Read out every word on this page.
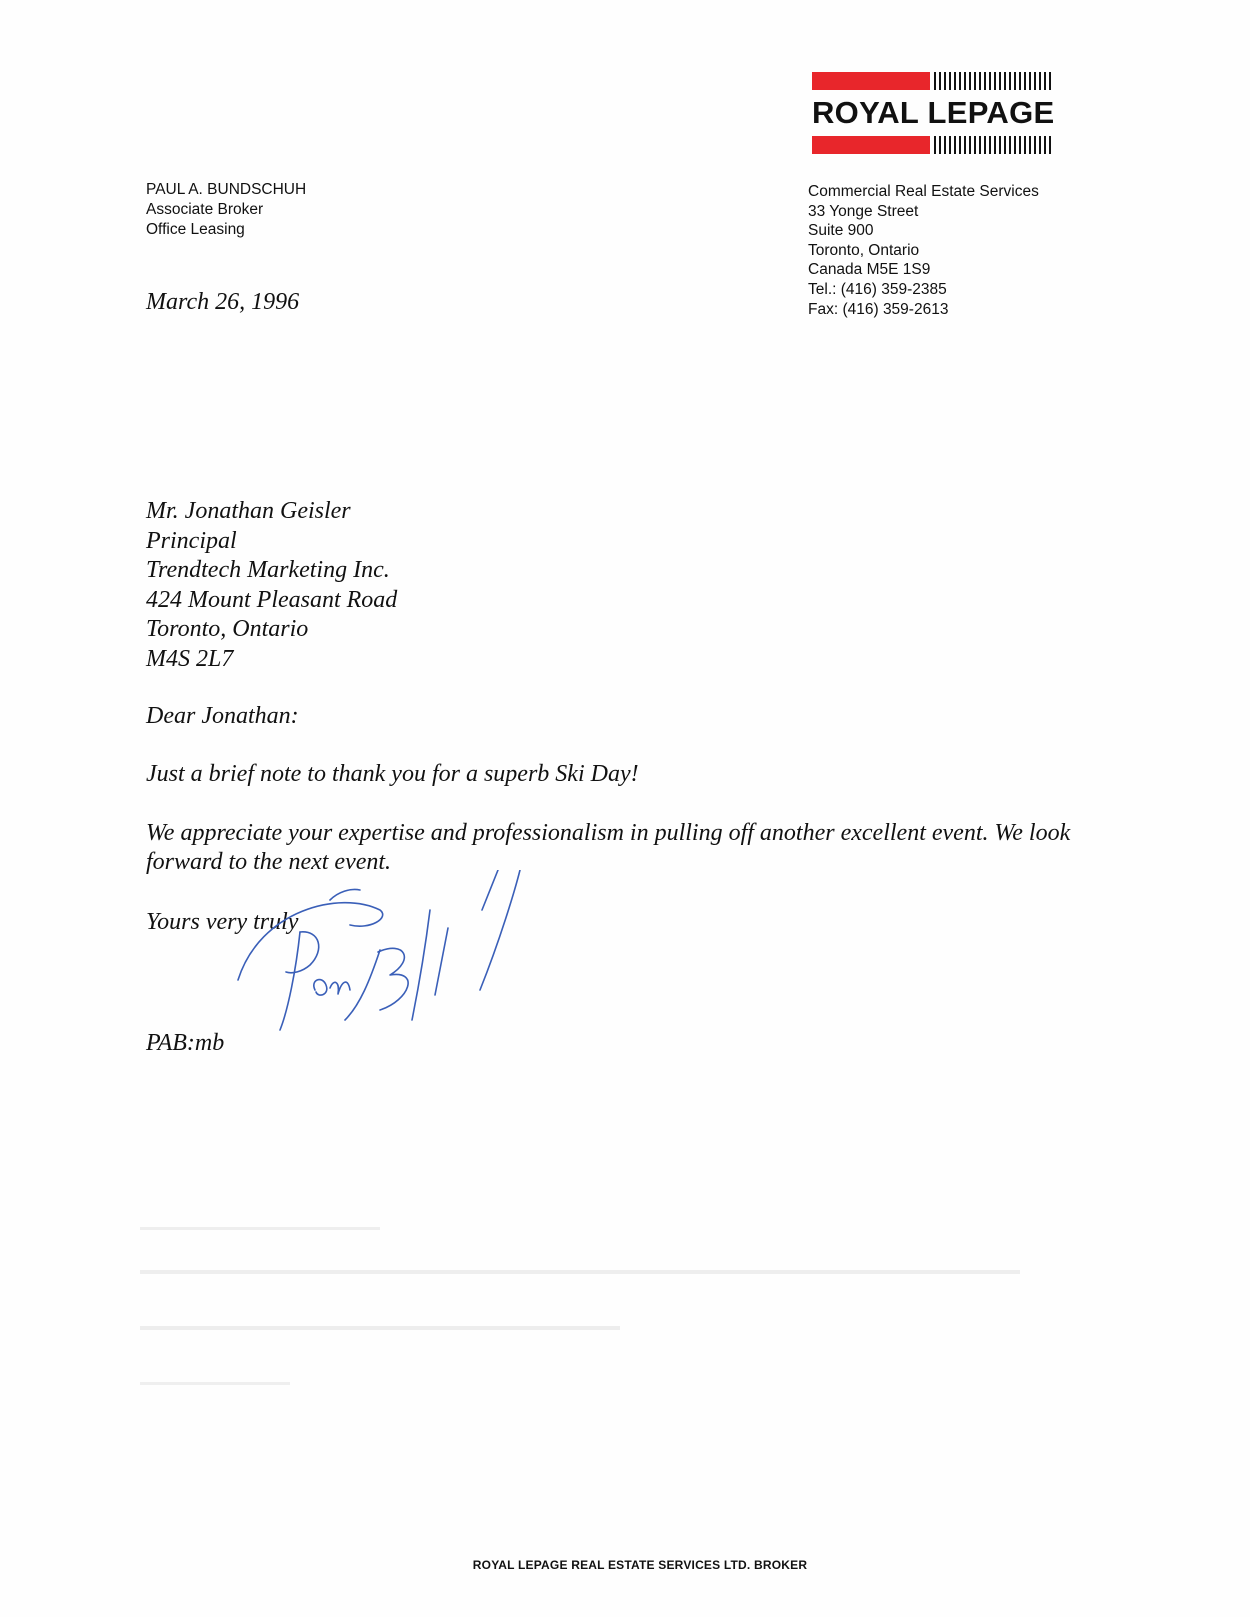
ROYAL LEPAGE
PAUL A. BUNDSCHUH
Associate Broker
Office Leasing
Commercial Real Estate Services
33 Yonge Street
Suite 900
Toronto, Ontario
Canada M5E 1S9
Tel.: (416) 359-2385
Fax: (416) 359-2613
March 26, 1996
Mr. Jonathan Geisler
Principal
Trendtech Marketing Inc.
424 Mount Pleasant Road
Toronto, Ontario
M4S 2L7
Dear Jonathan:
Just a brief note to thank you for a superb Ski Day!
We appreciate your expertise and professionalism in pulling off another excellent event. We look forward to the next event.
Yours very truly
PAB:mb
ROYAL LEPAGE REAL ESTATE SERVICES LTD. BROKER
